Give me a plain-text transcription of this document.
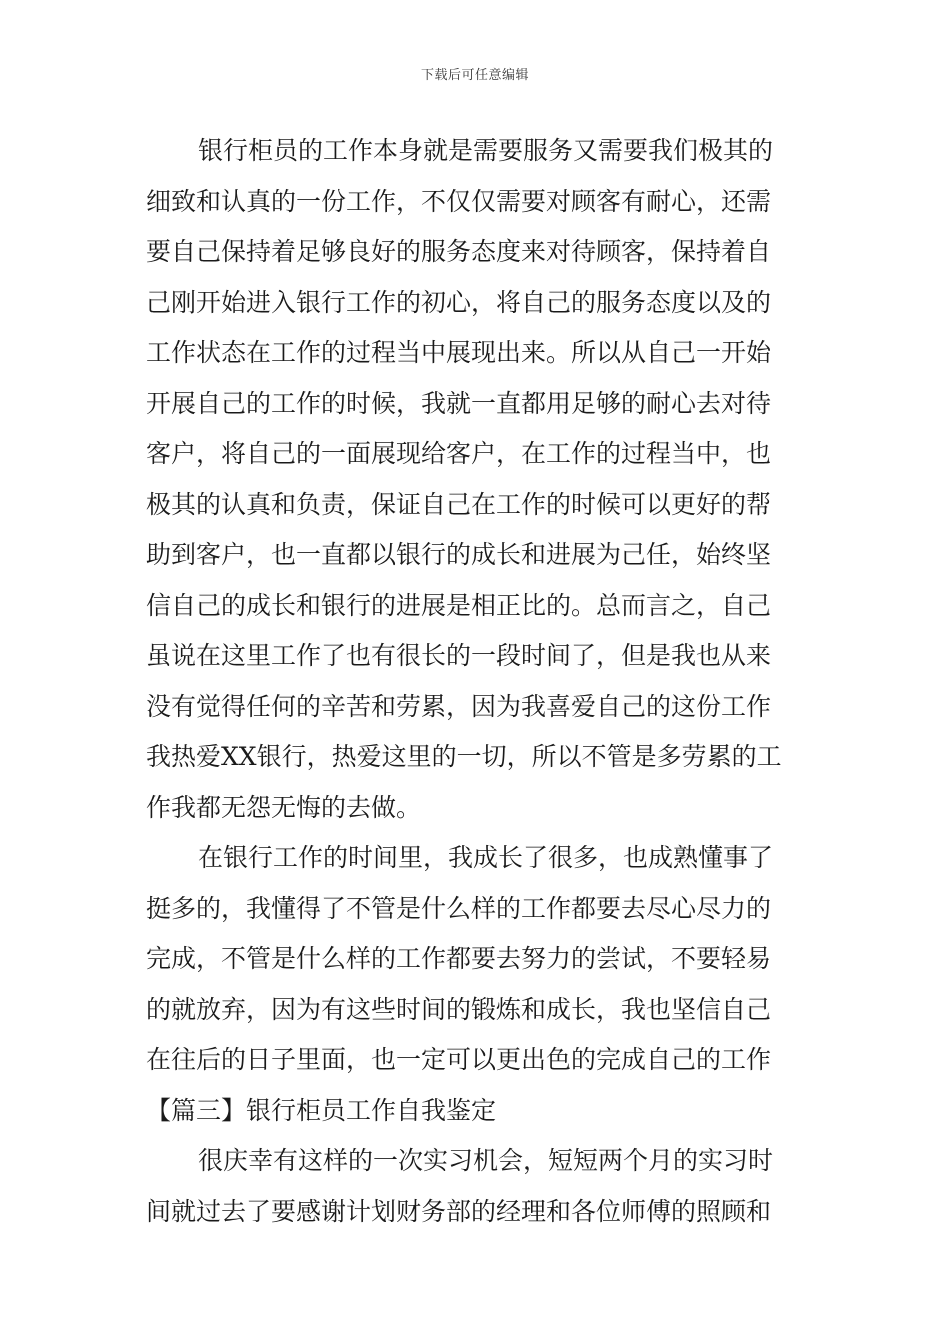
下载后可任意编辑
银行柜员的工作本身就是需要服务又需要我们极其的
细致和认真的一份工作，不仅仅需要对顾客有耐心，还需
要自己保持着足够良好的服务态度来对待顾客，保持着自
己刚开始进入银行工作的初心，将自己的服务态度以及的
工作状态在工作的过程当中展现出来。所以从自己一开始
开展自己的工作的时候，我就一直都用足够的耐心去对待
客户，将自己的一面展现给客户，在工作的过程当中，也
极其的认真和负责，保证自己在工作的时候可以更好的帮
助到客户，也一直都以银行的成长和进展为己任，始终坚
信自己的成长和银行的进展是相正比的。总而言之，自己
虽说在这里工作了也有很长的一段时间了，但是我也从来
没有觉得任何的辛苦和劳累，因为我喜爱自己的这份工作
我热爱XX银行，热爱这里的一切，所以不管是多劳累的工
作我都无怨无悔的去做。
在银行工作的时间里，我成长了很多，也成熟懂事了
挺多的，我懂得了不管是什么样的工作都要去尽心尽力的
完成，不管是什么样的工作都要去努力的尝试，不要轻易
的就放弃，因为有这些时间的锻炼和成长，我也坚信自己
在往后的日子里面，也一定可以更出色的完成自己的工作
【篇三】银行柜员工作自我鉴定
很庆幸有这样的一次实习机会，短短两个月的实习时
间就过去了要感谢计划财务部的经理和各位师傅的照顾和
